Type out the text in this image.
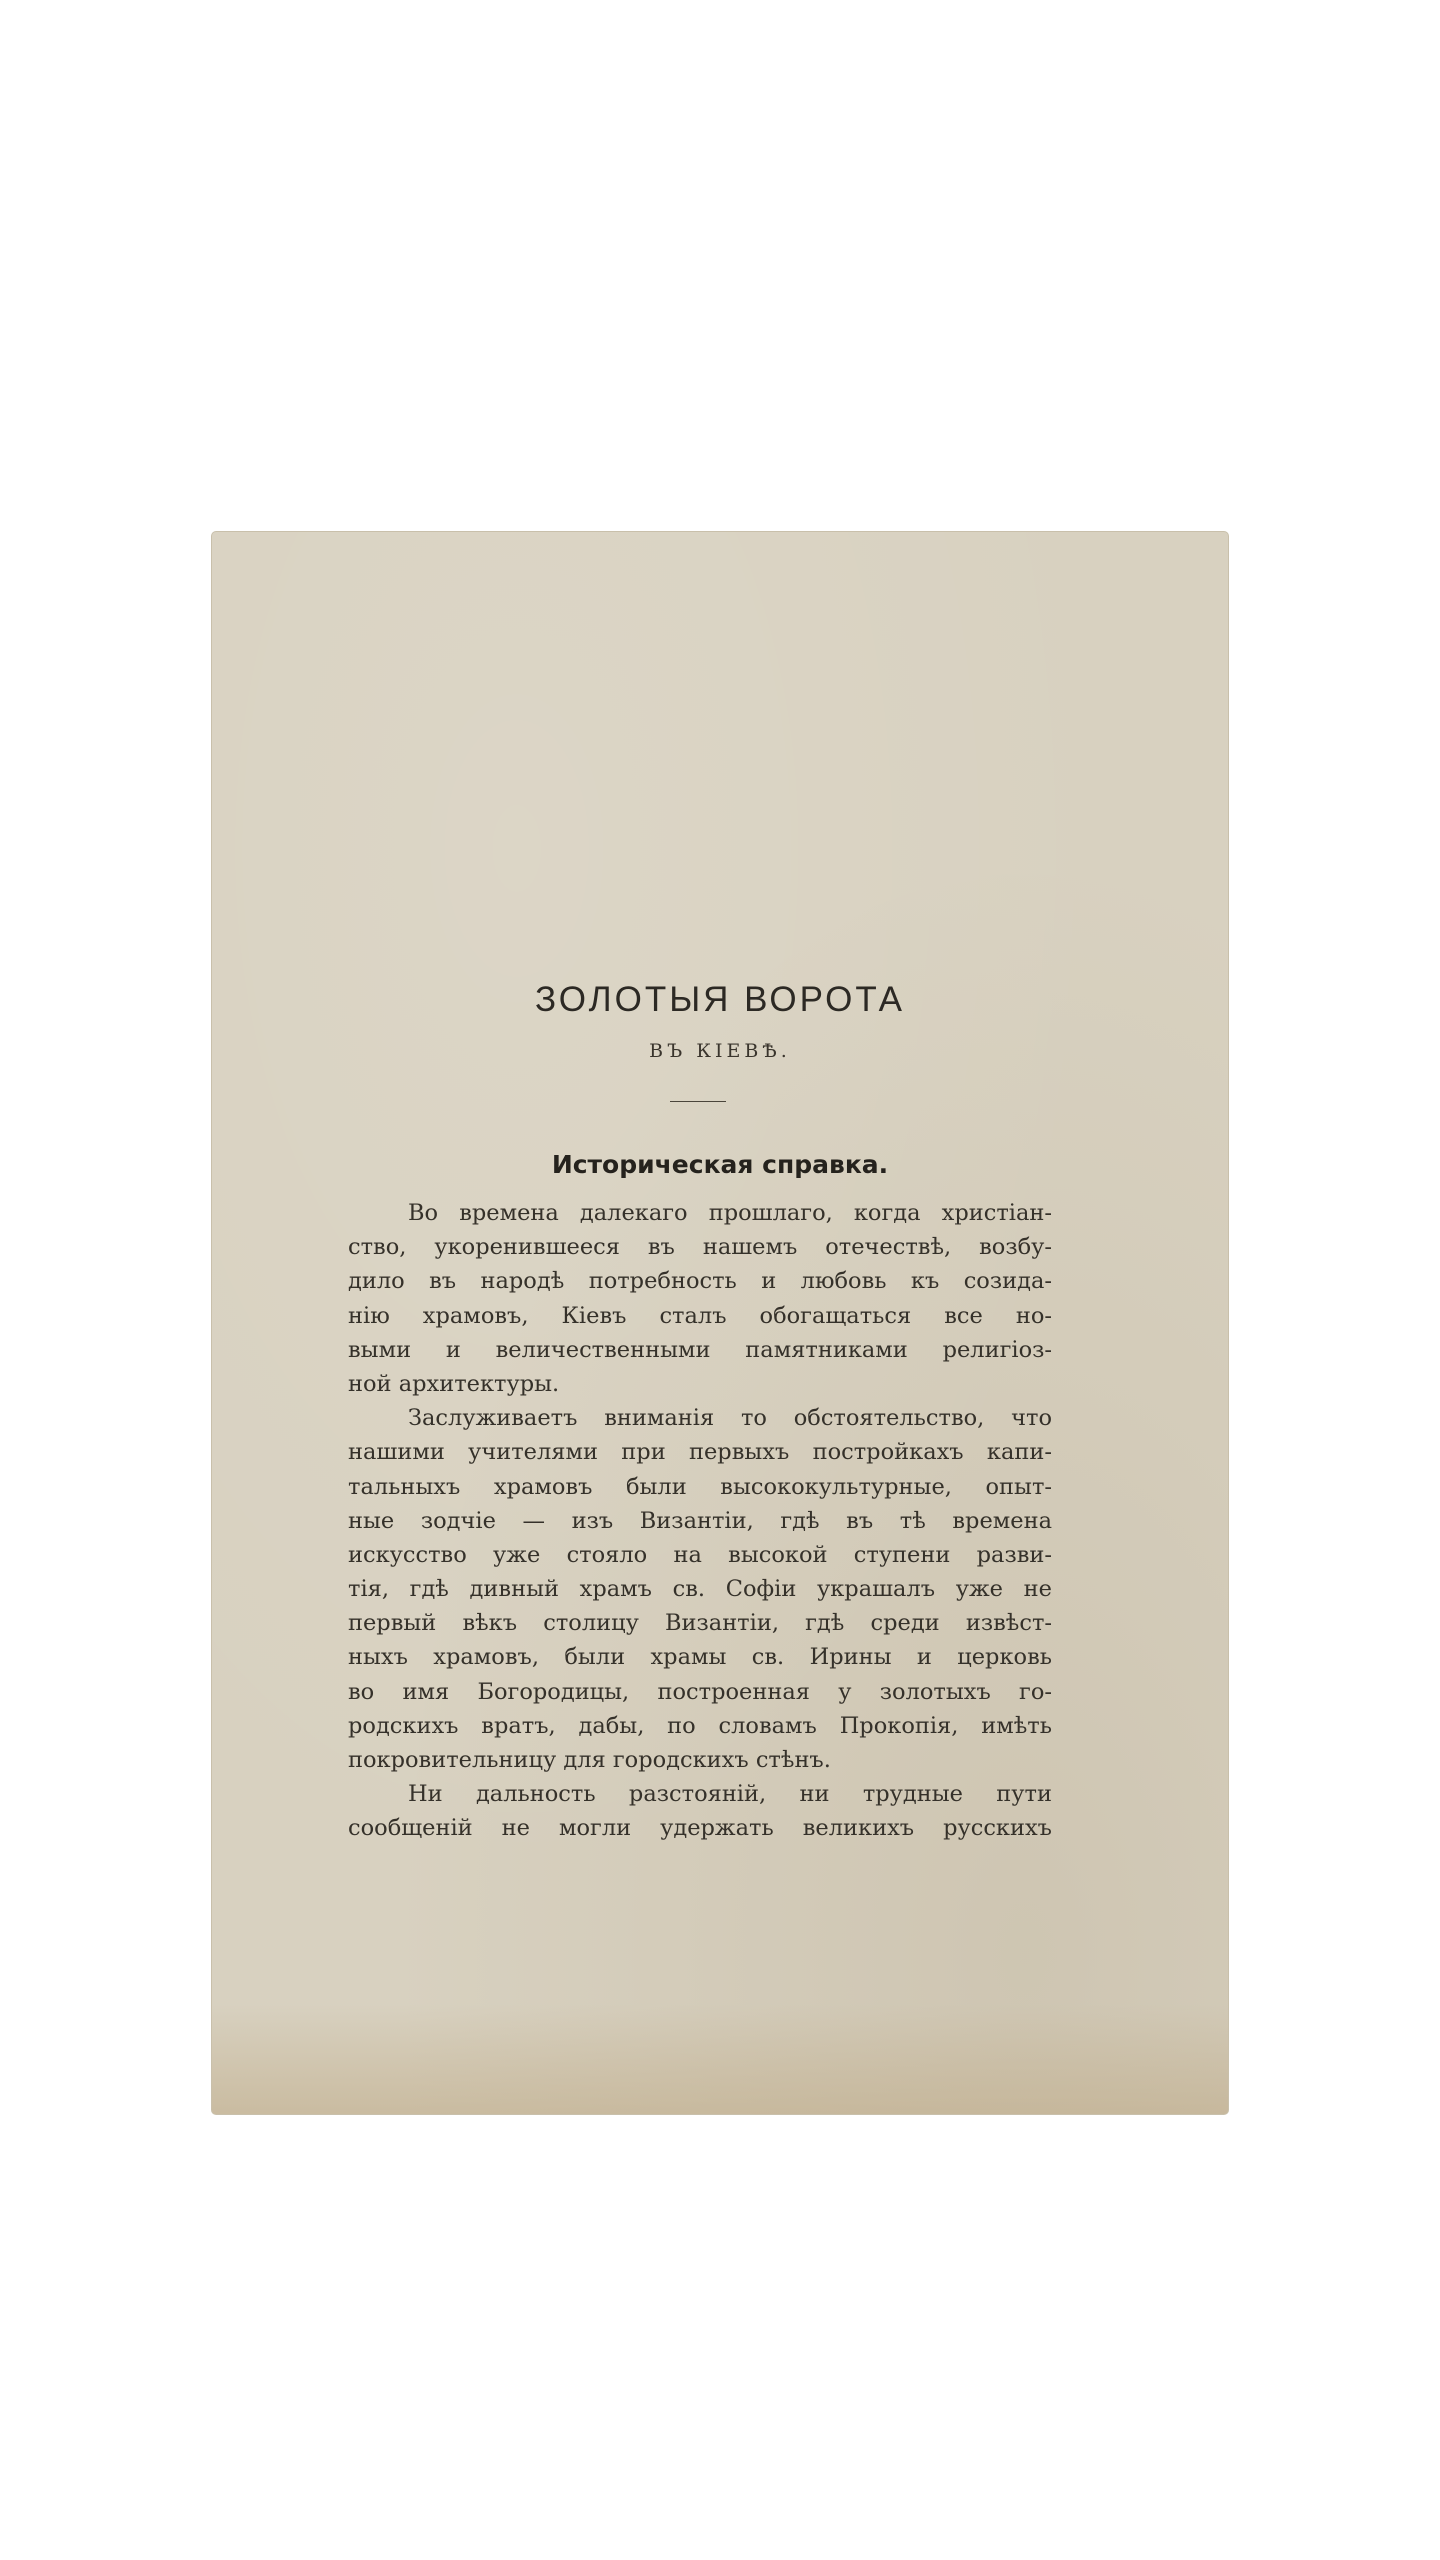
ЗОЛОТЫЯ ВОРОТА
ВЪ КІЕВѢ.
Историческая справка.
Во времена далекаго прошлаго, когда христіан-
ство, укоренившееся въ нашемъ отечествѣ, возбу-
дило въ народѣ потребность и любовь къ созида-
нію храмовъ, Кіевъ сталъ обогащаться все но-
выми и величественными памятниками религіоз-
ной архитектуры.
Заслуживаетъ вниманія то обстоятельство, что
нашими учителями при первыхъ постройкахъ капи-
тальныхъ храмовъ были высококультурные, опыт-
ные зодчіе — изъ Византіи, гдѣ въ тѣ времена
искусство уже стояло на высокой ступени разви-
тія, гдѣ дивный храмъ св. Софіи украшалъ уже не
первый вѣкъ столицу Византіи, гдѣ среди извѣст-
ныхъ храмовъ, были храмы св. Ирины и церковь
во имя Богородицы, построенная у золотыхъ го-
родскихъ вратъ, дабы, по словамъ Прокопія, имѣть
покровительницу для городскихъ стѣнъ.
Ни дальность разстояній, ни трудные пути
сообщеній не могли удержать великихъ русскихъ
